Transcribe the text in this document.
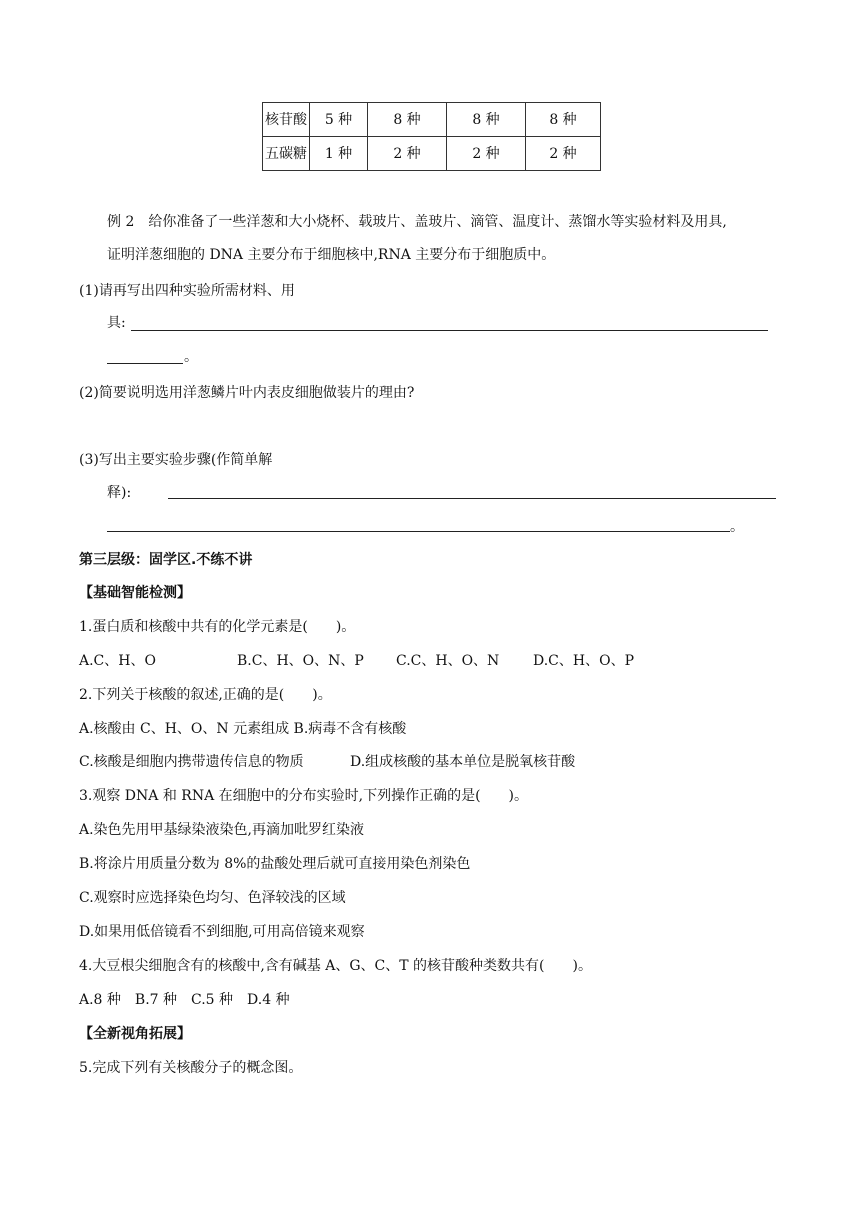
核苷酸	5 种	8 种	8 种	8 种
五碳糖	1 种	2 种	2 种	2 种
例 2　给你准备了一些洋葱和大小烧杯、载玻片、盖玻片、滴管、温度计、蒸馏水等实验材料及用具,
证明洋葱细胞的 DNA 主要分布于细胞核中,RNA 主要分布于细胞质中。
(1)请再写出四种实验所需材料、用
具:
。
(2)简要说明选用洋葱鳞片叶内表皮细胞做装片的理由?
(3)写出主要实验步骤(作简单解
释):
。
第三层级：固学区.不练不讲
【基础智能检测】
1.蛋白质和核酸中共有的化学元素是(　　)。
A.C、H、O	B.C、H、O、N、P C.C、H、O、N D.C、H、O、P
2.下列关于核酸的叙述,正确的是(　　)。
A.核酸由 C、H、O、N 元素组成 B.病毒不含有核酸
C.核酸是细胞内携带遗传信息的物质	D.组成核酸的基本单位是脱氧核苷酸
3.观察 DNA 和 RNA 在细胞中的分布实验时,下列操作正确的是(　　)。
A.染色先用甲基绿染液染色,再滴加吡罗红染液
B.将涂片用质量分数为 8%的盐酸处理后就可直接用染色剂染色
C.观察时应选择染色均匀、色泽较浅的区域
D.如果用低倍镜看不到细胞,可用高倍镜来观察
4.大豆根尖细胞含有的核酸中,含有碱基 A、G、C、T 的核苷酸种类数共有(　　)。
A.8 种　B.7 种　C.5 种　D.4 种
【全新视角拓展】
5.完成下列有关核酸分子的概念图。
